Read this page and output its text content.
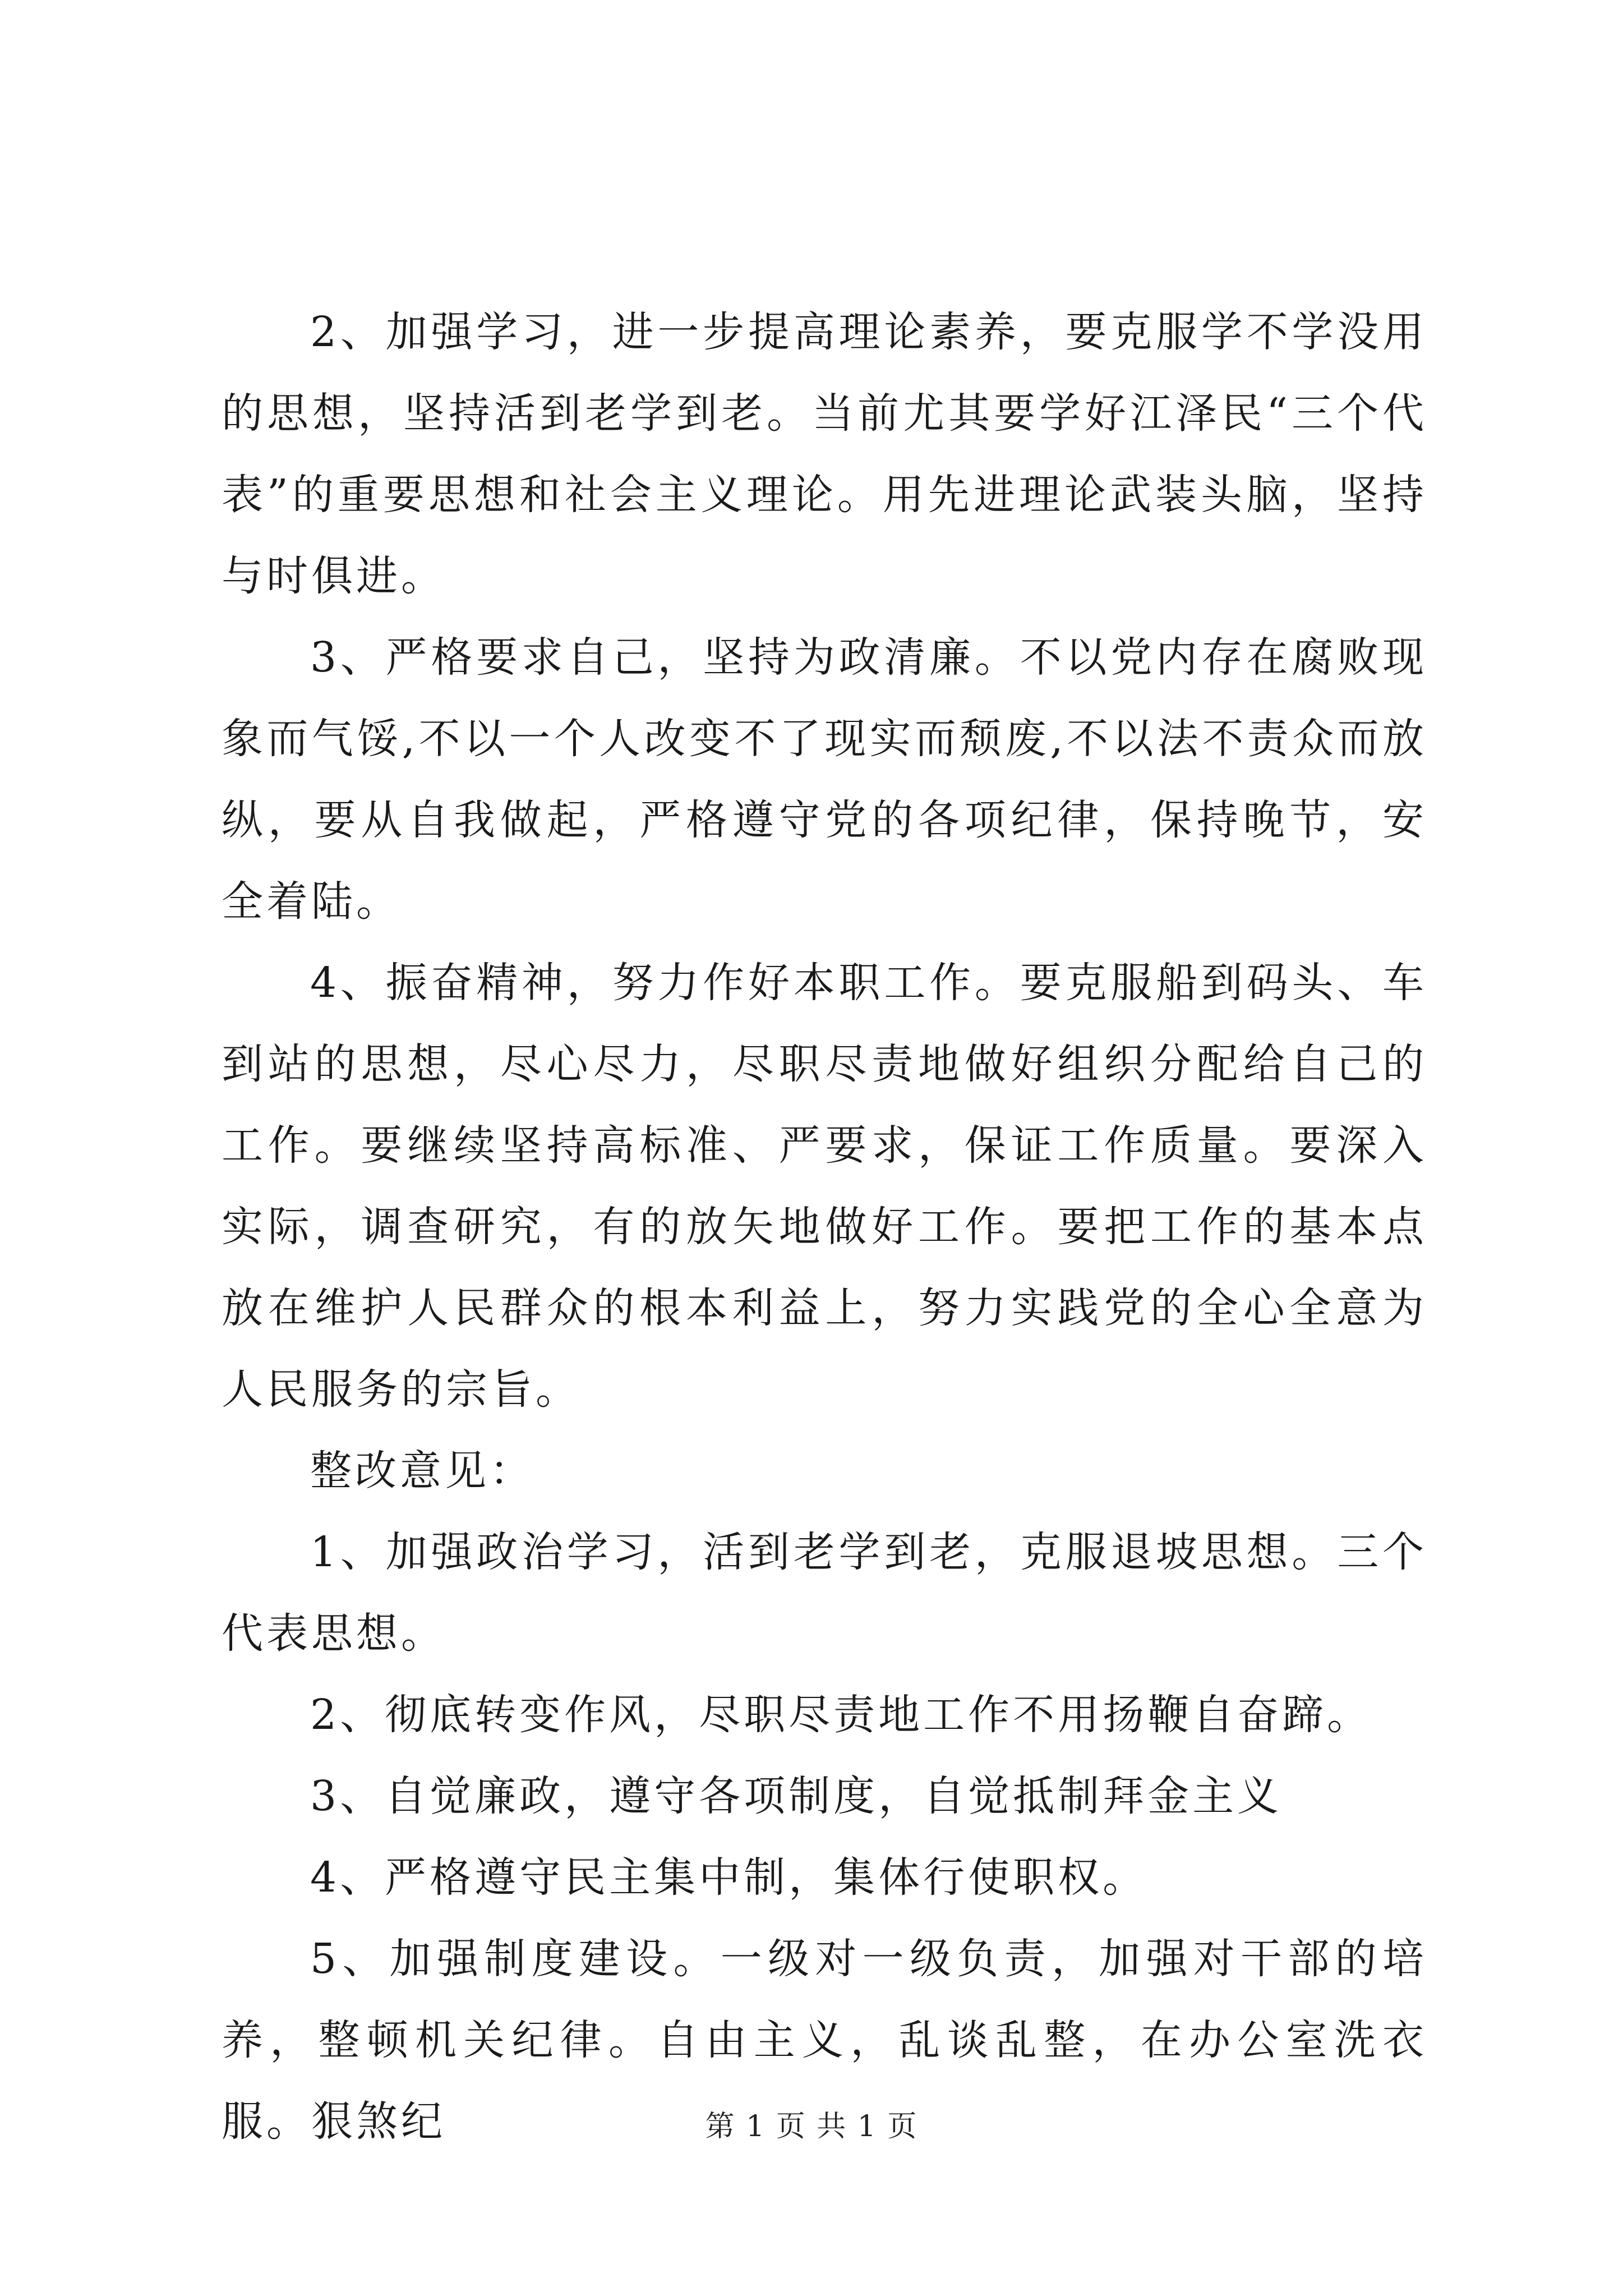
2、加强学习，进一步提高理论素养，要克服学不学没用的思想，坚持活到老学到老。当前尤其要学好江泽民“三个代表”的重要思想和社会主义理论。用先进理论武装头脑，坚持与时俱进。

3、严格要求自己，坚持为政清廉。不以党内存在腐败现象而气馁,不以一个人改变不了现实而颓废,不以法不责众而放纵，要从自我做起，严格遵守党的各项纪律，保持晚节，安全着陆。

4、振奋精神，努力作好本职工作。要克服船到码头、车到站的思想，尽心尽力，尽职尽责地做好组织分配给自己的工作。要继续坚持高标准、严要求，保证工作质量。要深入实际，调查研究，有的放矢地做好工作。要把工作的基本点放在维护人民群众的根本利益上，努力实践党的全心全意为人民服务的宗旨。

整改意见：

1、加强政治学习，活到老学到老，克服退坡思想。三个代表思想。

2、彻底转变作风，尽职尽责地工作不用扬鞭自奋蹄。

3、自觉廉政，遵守各项制度，自觉抵制拜金主义

4、严格遵守民主集中制，集体行使职权。

5、加强制度建设。一级对一级负责，加强对干部的培养，整顿机关纪律。自由主义，乱谈乱整，在办公室洗衣服。狠煞纪	第 1 页 共 1 页
